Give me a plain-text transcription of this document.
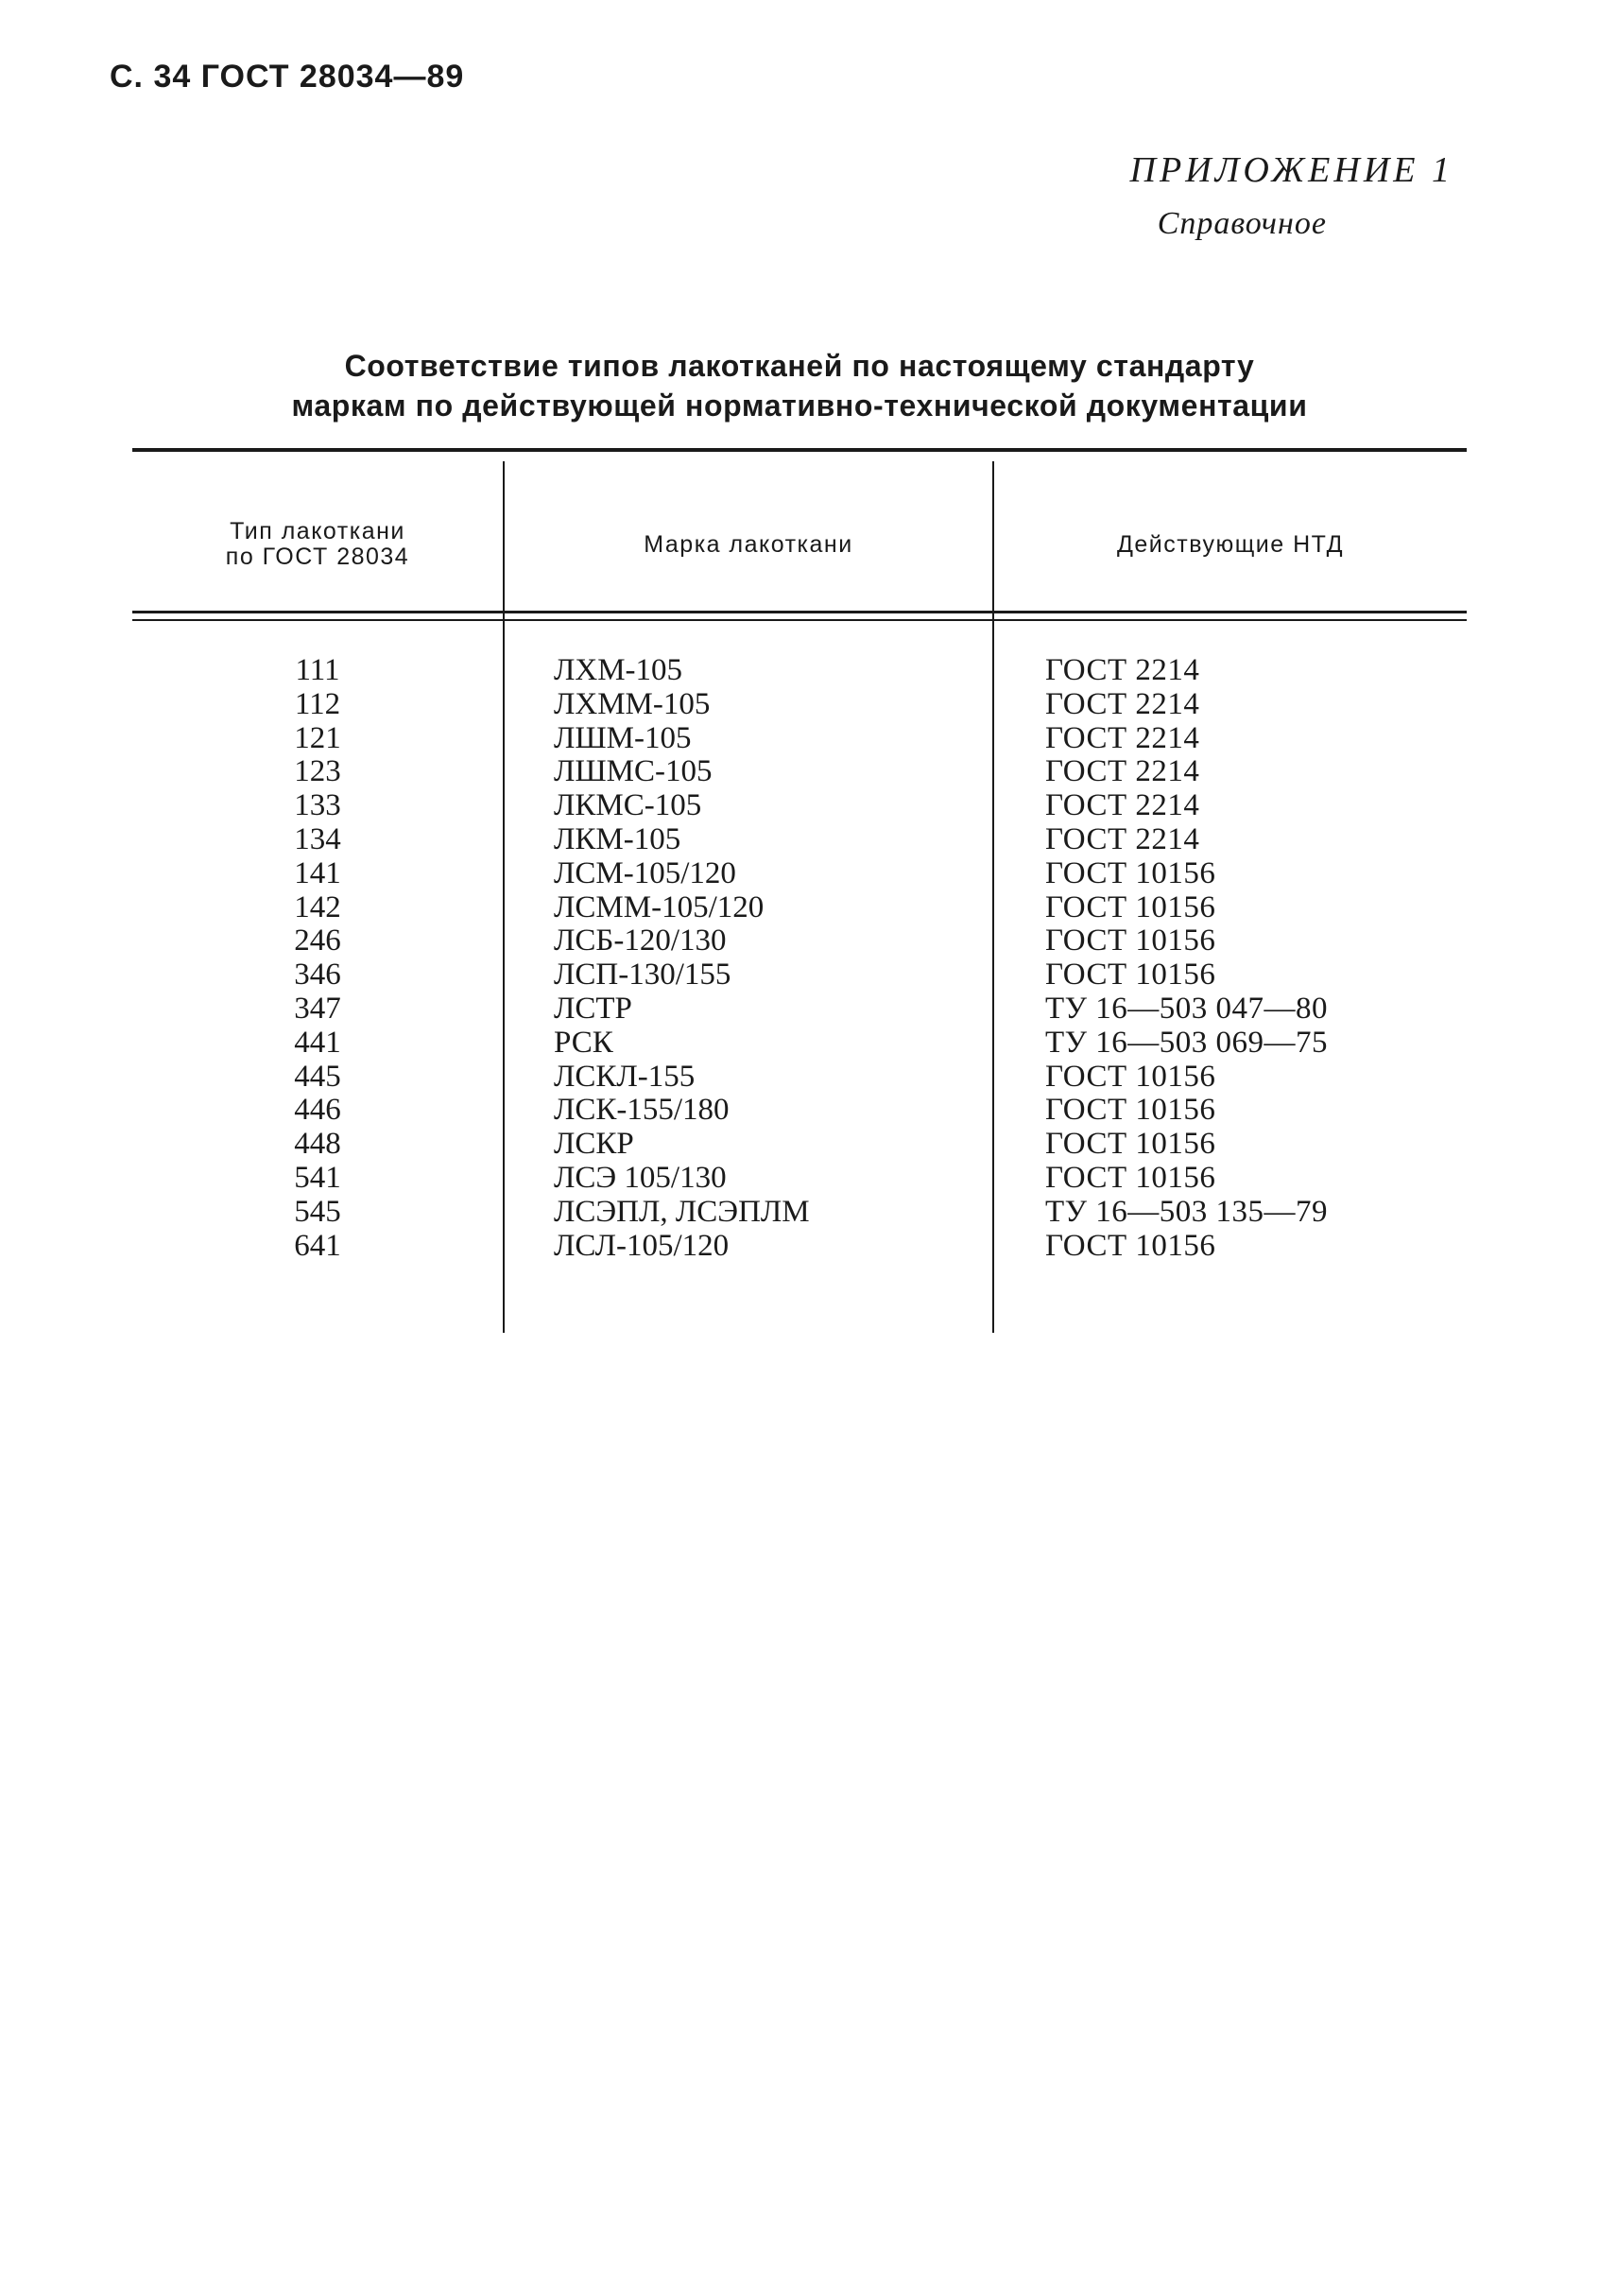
С. 34 ГОСТ 28034—89
ПРИЛОЖЕНИЕ 1
Справочное
Соответствие типов лакотканей по настоящему стандарту
маркам по действующей нормативно-технической документации
Тип лакоткани
по ГОСТ 28034	Марка лакоткани	Действующие НТД
111	ЛХМ-105	ГОСТ 2214
112	ЛХММ-105	ГОСТ 2214
121	ЛШМ-105	ГОСТ 2214
123	ЛШМС-105	ГОСТ 2214
133	ЛКМС-105	ГОСТ 2214
134	ЛКМ-105	ГОСТ 2214
141	ЛСМ-105/120	ГОСТ 10156
142	ЛСММ-105/120	ГОСТ 10156
246	ЛСБ-120/130	ГОСТ 10156
346	ЛСП-130/155	ГОСТ 10156
347	ЛСТР	ТУ 16—503 047—80
441	РСК	ТУ 16—503 069—75
445	ЛСКЛ-155	ГОСТ 10156
446	ЛСК-155/180	ГОСТ 10156
448	ЛСКР	ГОСТ 10156
541	ЛСЭ 105/130	ГОСТ 10156
545	ЛСЭПЛ, ЛСЭПЛМ	ТУ 16—503 135—79
641	ЛСЛ-105/120	ГОСТ 10156
